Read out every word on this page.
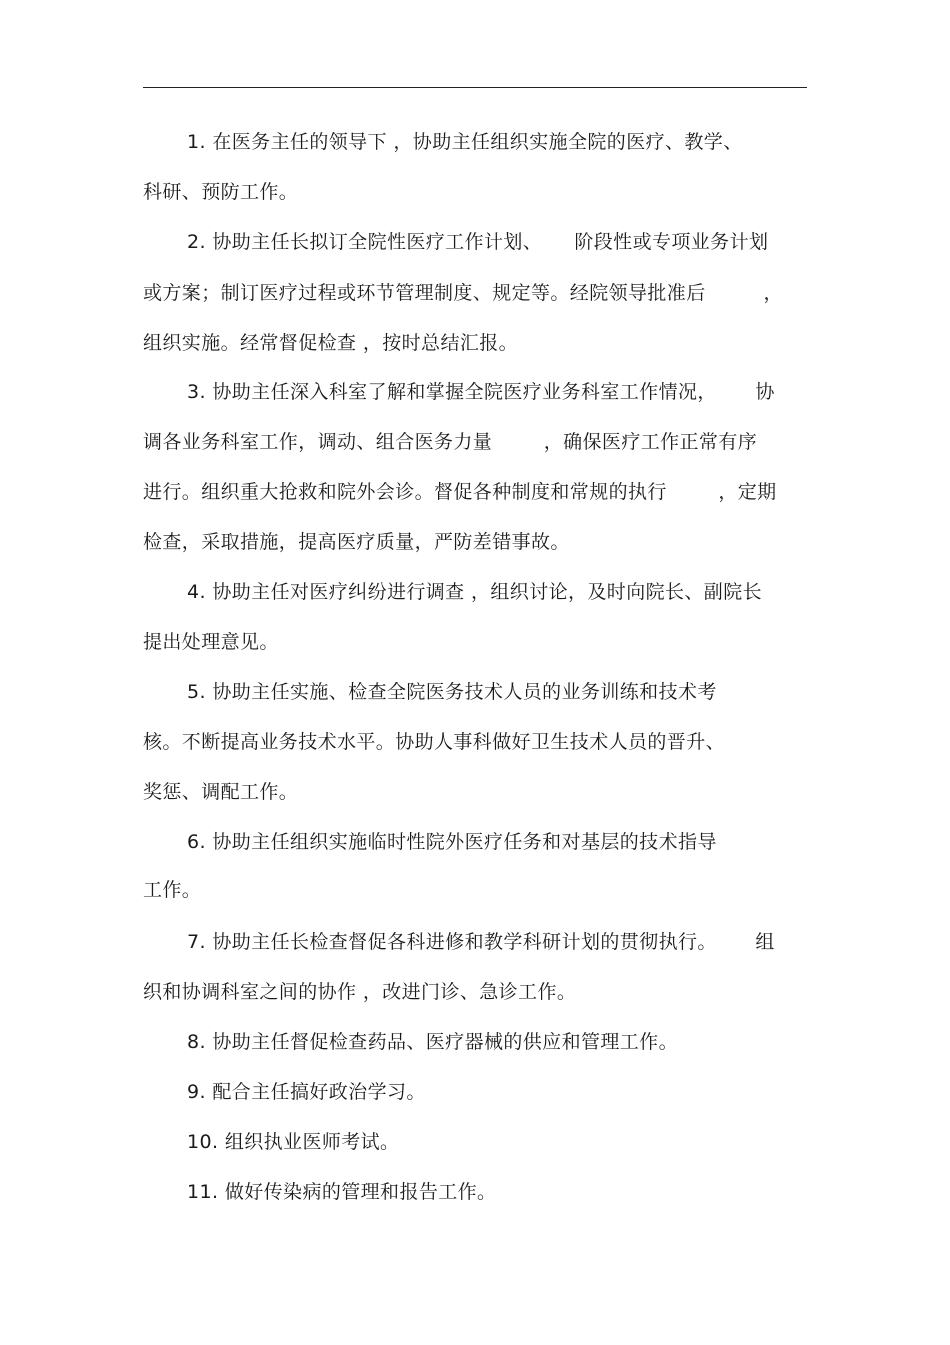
1. 在医务主任的领导下 ，协助主任组织实施全院的医疗、教学、
科研、预防工作。
2. 协助主任长拟订全院性医疗工作计划、     阶段性或专项业务计划
或方案；制订医疗过程或环节管理制度、规定等。经院领导批准后         ，
组织实施。经常督促检查 ，按时总结汇报。
3. 协助主任深入科室了解和掌握全院医疗业务科室工作情况，      协
调各业务科室工作，调动、组合医务力量        ，确保医疗工作正常有序
进行。组织重大抢救和院外会诊。督促各种制度和常规的执行        ，定期
检查，采取措施，提高医疗质量，严防差错事故。
4. 协助主任对医疗纠纷进行调查 ，组织讨论，及时向院长、副院长
提出处理意见。
5. 协助主任实施、检查全院医务技术人员的业务训练和技术考
核。不断提高业务技术水平。协助人事科做好卫生技术人员的晋升、
奖惩、调配工作。
6. 协助主任组织实施临时性院外医疗任务和对基层的技术指导
工作。
7. 协助主任长检查督促各科进修和教学科研计划的贯彻执行。      组
织和协调科室之间的协作 ，改进门诊、急诊工作。
8. 协助主任督促检查药品、医疗器械的供应和管理工作。
9. 配合主任搞好政治学习。
10. 组织执业医师考试。
11. 做好传染病的管理和报告工作。
